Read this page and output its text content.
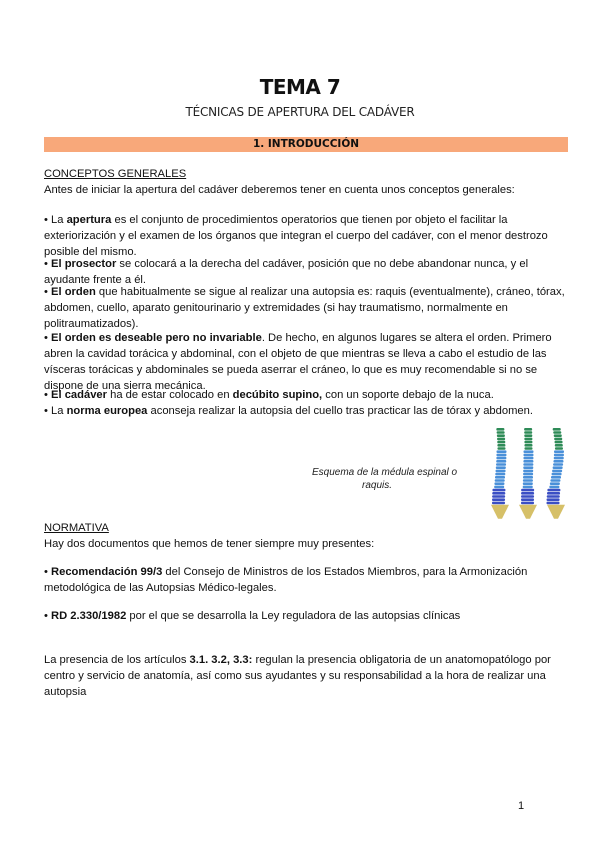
TEMA 7
TÉCNICAS DE APERTURA DEL CADÁVER
1. INTRODUCCIÓN
CONCEPTOS GENERALES

Antes de iniciar la apertura del cadáver deberemos tener en cuenta unos conceptos generales:

• La apertura es el conjunto de procedimientos operatorios que tienen por objeto el facilitar la exteriorización y el examen de los órganos que integran el cuerpo del cadáver, con el menor destrozo posible del mismo.

• El prosector se colocará a la derecha del cadáver, posición que no debe abandonar nunca, y el ayudante frente a él.

• El orden que habitualmente se sigue al realizar una autopsia es: raquis (eventualmente), cráneo, tórax, abdomen, cuello, aparato genitourinario y extremidades (si hay traumatismo, normalmente en politraumatizados).

• El orden es deseable pero no invariable. De hecho, en algunos lugares se altera el orden. Primero abren la cavidad torácica y abdominal, con el objeto de que mientras se lleva a cabo el estudio de las vísceras torácicas y abdominales se pueda aserrar el cráneo, lo que es muy recomendable si no se dispone de una sierra mecánica.

• El cadáver ha de estar colocado en decúbito supino, con un soporte debajo de la nuca.

• La norma europea aconseja realizar la autopsia del cuello tras practicar las de tórax y abdomen.

Esquema de la médula espinal o
raquis.
NORMATIVA

Hay dos documentos que hemos de tener siempre muy presentes:

• Recomendación 99/3 del Consejo de Ministros de los Estados Miembros, para la Armonización metodológica de las Autopsias Médico-legales.

• RD 2.330/1982 por el que se desarrolla la Ley reguladora de las autopsias clínicas

La presencia de los artículos 3.1. 3.2, 3.3: regulan la presencia obligatoria de un anatomopatólogo por centro y servicio de anatomía, así como sus ayudantes y su responsabilidad a la hora de realizar una autopsia

1
